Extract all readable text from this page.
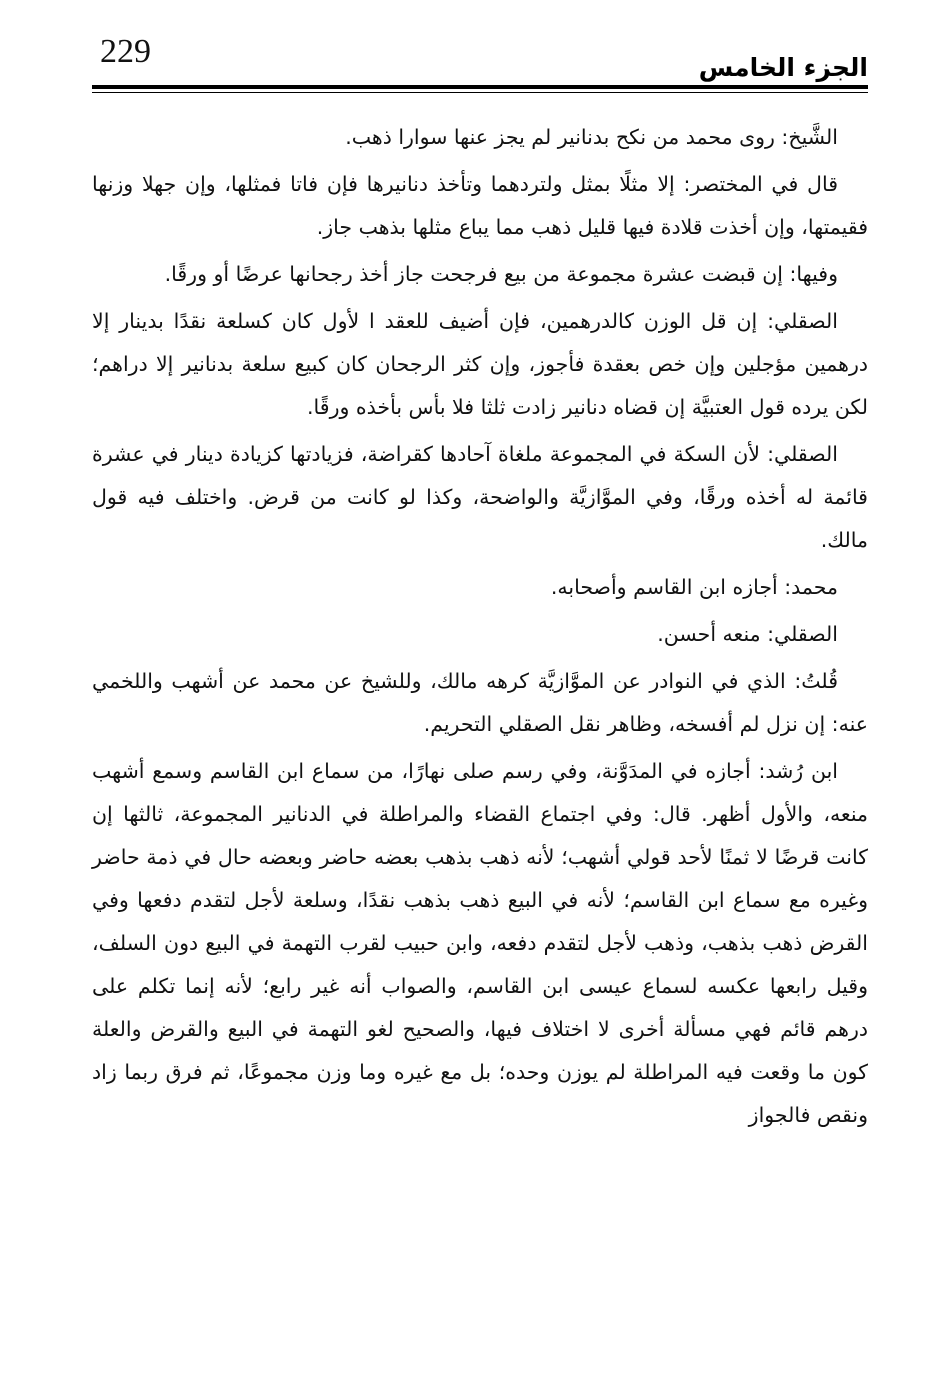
229	الجزء الخامس

الشَّيخ: روى محمد من نكح بدنانير لم يجز عنها سوارا ذهب.

قال في المختصر: إلا مثلًا بمثل ولتردهما وتأخذ دنانيرها فإن فاتا فمثلها، وإن جهلا وزنها فقيمتها، وإن أخذت قلادة فيها قليل ذهب مما يباع مثلها بذهب جاز.

وفيها: إن قبضت عشرة مجموعة من بيع فرجحت جاز أخذ رجحانها عرضًا أو ورقًا.

الصقلي: إن قل الوزن كالدرهمين، فإن أضيف للعقد ا لأول كان كسلعة نقدًا بدينار إلا درهمين مؤجلين وإن خص بعقدة فأجوز، وإن كثر الرجحان كان كبيع سلعة بدنانير إلا دراهم؛ لكن يرده قول العتبيَّة إن قضاه دنانير زادت ثلثا فلا بأس بأخذه ورقًا.

الصقلي: لأن السكة في المجموعة ملغاة آحادها كقراضة، فزيادتها كزيادة دينار في عشرة قائمة له أخذه ورقًا، وفي الموَّازيَّة والواضحة، وكذا لو كانت من قرض. واختلف فيه قول مالك.

محمد: أجازه ابن القاسم وأصحابه.

الصقلي: منعه أحسن.

قُلتُ: الذي في النوادر عن الموَّازيَّة كرهه مالك، وللشيخ عن محمد عن أشهب واللخمي عنه: إن نزل لم أفسخه، وظاهر نقل الصقلي التحريم.

ابن رُشد: أجازه في المدَوَّنة، وفي رسم صلى نهارًا، من سماع ابن القاسم وسمع أشهب منعه، والأول أظهر. قال: وفي اجتماع القضاء والمراطلة في الدنانير المجموعة، ثالثها إن كانت قرضًا لا ثمنًا لأحد قولي أشهب؛ لأنه ذهب بذهب بعضه حاضر وبعضه حال في ذمة حاضر وغيره مع سماع ابن القاسم؛ لأنه في البيع ذهب بذهب نقدًا، وسلعة لأجل لتقدم دفعها وفي القرض ذهب بذهب، وذهب لأجل لتقدم دفعه، وابن حبيب لقرب التهمة في البيع دون السلف، وقيل رابعها عكسه لسماع عيسى ابن القاسم، والصواب أنه غير رابع؛ لأنه إنما تكلم على درهم قائم فهي مسألة أخرى لا اختلاف فيها، والصحيح لغو التهمة في البيع والقرض والعلة كون ما وقعت فيه المراطلة لم يوزن وحده؛ بل مع غيره وما وزن مجموعًا، ثم فرق ربما زاد ونقص فالجواز
